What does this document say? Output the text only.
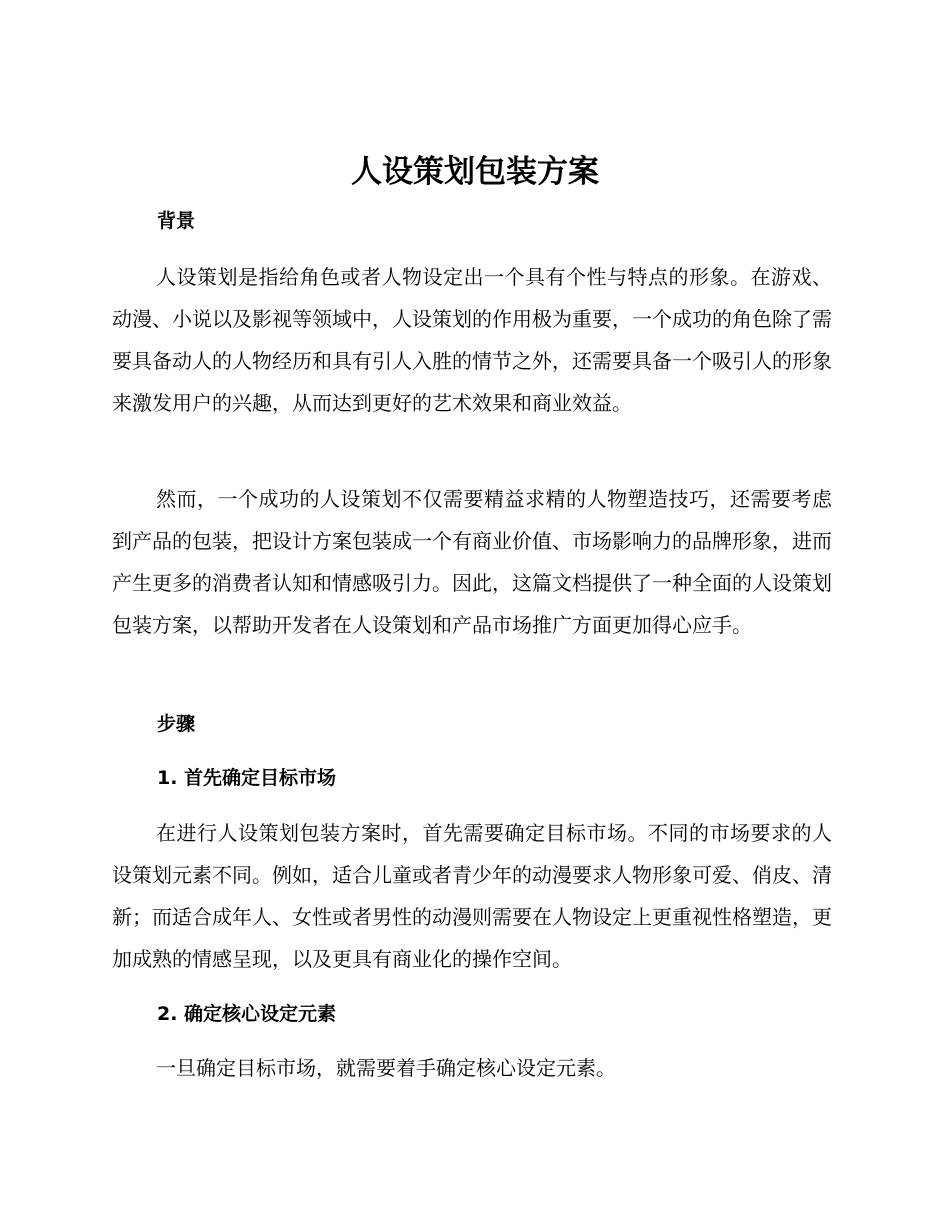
人设策划包装方案
背景

人设策划是指给角色或者人物设定出一个具有个性与特点的形象。在游戏、动漫、小说以及影视等领域中，人设策划的作用极为重要，一个成功的角色除了需要具备动人的人物经历和具有引人入胜的情节之外，还需要具备一个吸引人的形象来激发用户的兴趣，从而达到更好的艺术效果和商业效益。

然而，一个成功的人设策划不仅需要精益求精的人物塑造技巧，还需要考虑到产品的包装，把设计方案包装成一个有商业价值、市场影响力的品牌形象，进而产生更多的消费者认知和情感吸引力。因此，这篇文档提供了一种全面的人设策划包装方案，以帮助开发者在人设策划和产品市场推广方面更加得心应手。

步骤
1. 首先确定目标市场

在进行人设策划包装方案时，首先需要确定目标市场。不同的市场要求的人设策划元素不同。例如，适合儿童或者青少年的动漫要求人物形象可爱、俏皮、清新；而适合成年人、女性或者男性的动漫则需要在人物设定上更重视性格塑造，更加成熟的情感呈现，以及更具有商业化的操作空间。

2. 确定核心设定元素

一旦确定目标市场，就需要着手确定核心设定元素。
